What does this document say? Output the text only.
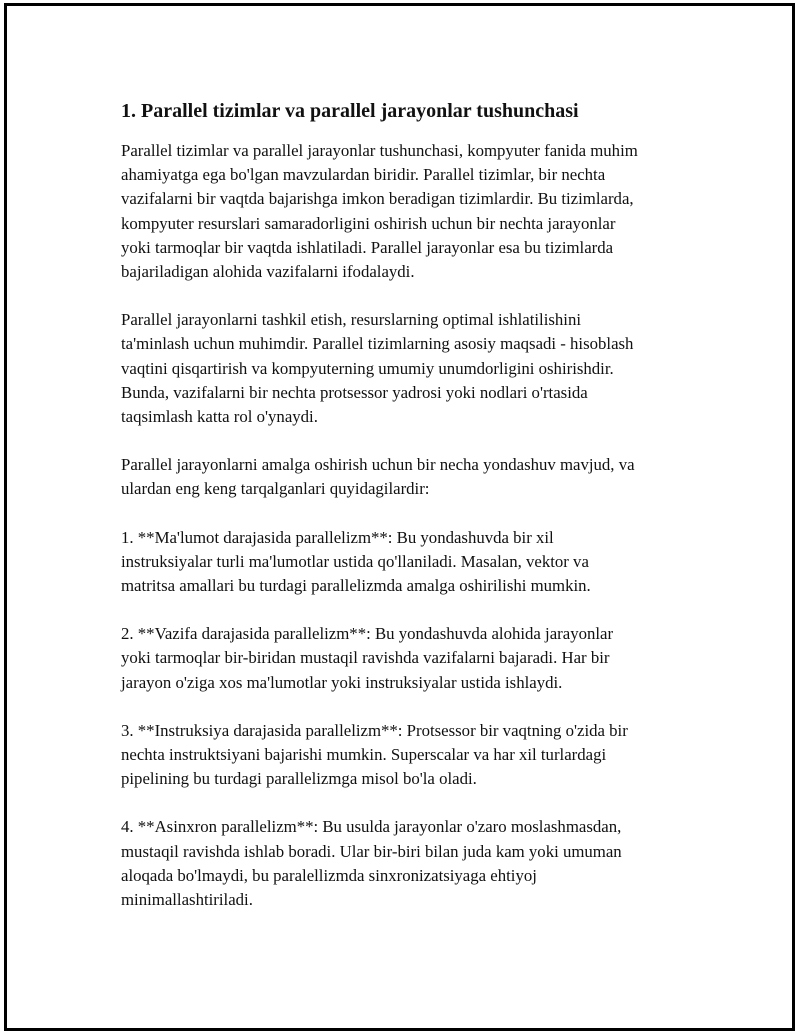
1. Parallel tizimlar va parallel jarayonlar tushunchasi

Parallel tizimlar va parallel jarayonlar tushunchasi, kompyuter fanida muhim
ahamiyatga ega bo'lgan mavzulardan biridir. Parallel tizimlar, bir nechta
vazifalarni bir vaqtda bajarishga imkon beradigan tizimlardir. Bu tizimlarda,
kompyuter resurslari samaradorligini oshirish uchun bir nechta jarayonlar
yoki tarmoqlar bir vaqtda ishlatiladi. Parallel jarayonlar esa bu tizimlarda
bajariladigan alohida vazifalarni ifodalaydi.

Parallel jarayonlarni tashkil etish, resurslarning optimal ishlatilishini
ta'minlash uchun muhimdir. Parallel tizimlarning asosiy maqsadi - hisoblash
vaqtini qisqartirish va kompyuterning umumiy unumdorligini oshirishdir.
Bunda, vazifalarni bir nechta protsessor yadrosi yoki nodlari o'rtasida
taqsimlash katta rol o'ynaydi.

Parallel jarayonlarni amalga oshirish uchun bir necha yondashuv mavjud, va
ulardan eng keng tarqalganlari quyidagilardir:

1. **Ma'lumot darajasida parallelizm**: Bu yondashuvda bir xil
instruksiyalar turli ma'lumotlar ustida qo'llaniladi. Masalan, vektor va
matritsa amallari bu turdagi parallelizmda amalga oshirilishi mumkin.

2. **Vazifa darajasida parallelizm**: Bu yondashuvda alohida jarayonlar
yoki tarmoqlar bir-biridan mustaqil ravishda vazifalarni bajaradi. Har bir
jarayon o'ziga xos ma'lumotlar yoki instruksiyalar ustida ishlaydi.

3. **Instruksiya darajasida parallelizm**: Protsessor bir vaqtning o'zida bir
nechta instruktsiyani bajarishi mumkin. Superscalar va har xil turlardagi
pipelining bu turdagi parallelizmga misol bo'la oladi.

4. **Asinxron parallelizm**: Bu usulda jarayonlar o'zaro moslashmasdan,
mustaqil ravishda ishlab boradi. Ular bir-biri bilan juda kam yoki umuman
aloqada bo'lmaydi, bu paralellizmda sinxronizatsiyaga ehtiyoj
minimallashtiriladi.
